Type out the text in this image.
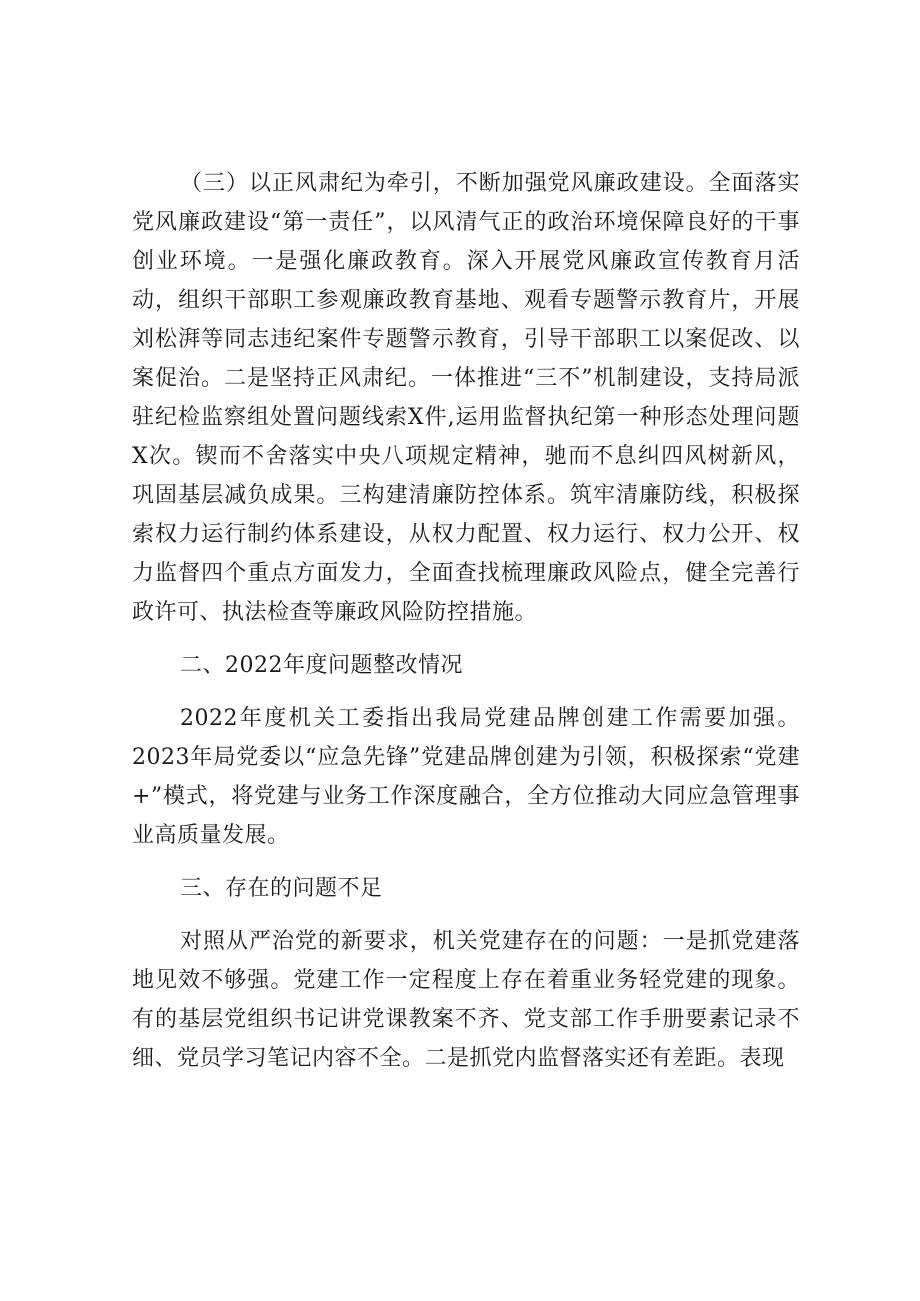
（三）以正风肃纪为牵引，不断加强党风廉政建设。全面落实党风廉政建设“第一责任”，以风清气正的政治环境保障良好的干事创业环境。一是强化廉政教育。深入开展党风廉政宣传教育月活动，组织干部职工参观廉政教育基地、观看专题警示教育片，开展刘松湃等同志违纪案件专题警示教育，引导干部职工以案促改、以案促治。二是坚持正风肃纪。一体推进“三不”机制建设，支持局派驻纪检监察组处置问题线索X件,运用监督执纪第一种形态处理问题X次。锲而不舍落实中央八项规定精神，驰而不息纠四风树新风，巩固基层减负成果。三构建清廉防控体系。筑牢清廉防线，积极探索权力运行制约体系建设，从权力配置、权力运行、权力公开、权力监督四个重点方面发力，全面查找梳理廉政风险点，健全完善行政许可、执法检查等廉政风险防控措施。

二、2022年度问题整改情况

2022年度机关工委指出我局党建品牌创建工作需要加强。2023年局党委以“应急先锋”党建品牌创建为引领，积极探索“党建+”模式，将党建与业务工作深度融合，全方位推动大同应急管理事业高质量发展。

三、存在的问题不足

对照从严治党的新要求，机关党建存在的问题：一是抓党建落地见效不够强。党建工作一定程度上存在着重业务轻党建的现象。有的基层党组织书记讲党课教案不齐、党支部工作手册要素记录不细、党员学习笔记内容不全。二是抓党内监督落实还有差距。表现
